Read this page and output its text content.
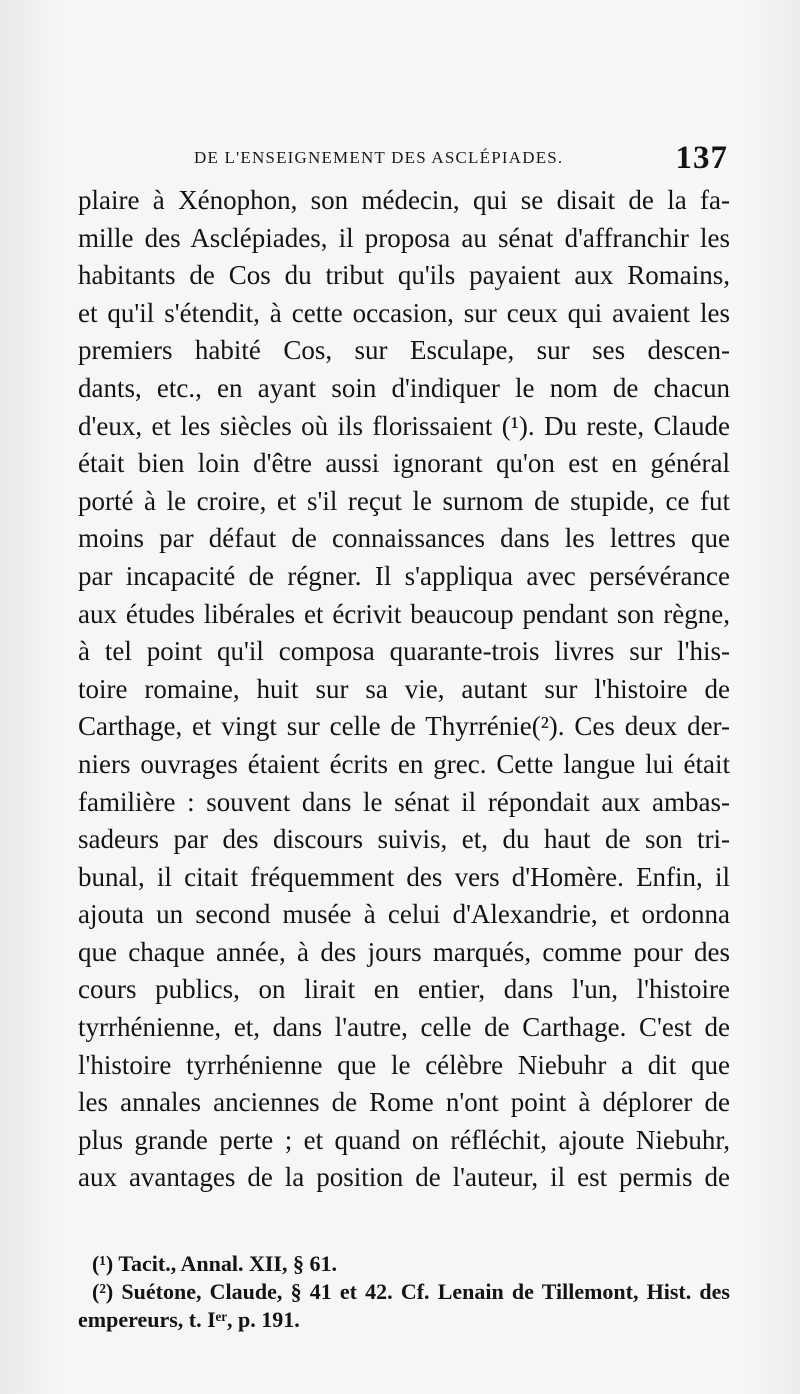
DE L'ENSEIGNEMENT DES ASCLÉPIADES.	137
plaire à Xénophon, son médecin, qui se disait de la fa-
mille des Asclépiades, il proposa au sénat d'affranchir les
habitants de Cos du tribut qu'ils payaient aux Romains,
et qu'il s'étendit, à cette occasion, sur ceux qui avaient les
premiers habité Cos, sur Esculape, sur ses descen-
dants, etc., en ayant soin d'indiquer le nom de chacun
d'eux, et les siècles où ils florissaient (¹). Du reste, Claude
était bien loin d'être aussi ignorant qu'on est en général
porté à le croire, et s'il reçut le surnom de stupide, ce fut
moins par défaut de connaissances dans les lettres que
par incapacité de régner. Il s'appliqua avec persévérance
aux études libérales et écrivit beaucoup pendant son règne,
à tel point qu'il composa quarante-trois livres sur l'his-
toire romaine, huit sur sa vie, autant sur l'histoire de
Carthage, et vingt sur celle de Thyrrénie(²). Ces deux der-
niers ouvrages étaient écrits en grec. Cette langue lui était
familière : souvent dans le sénat il répondait aux ambas-
sadeurs par des discours suivis, et, du haut de son tri-
bunal, il citait fréquemment des vers d'Homère. Enfin, il
ajouta un second musée à celui d'Alexandrie, et ordonna
que chaque année, à des jours marqués, comme pour des
cours publics, on lirait en entier, dans l'un, l'histoire
tyrrhénienne, et, dans l'autre, celle de Carthage. C'est de
l'histoire tyrrhénienne que le célèbre Niebuhr a dit que
les annales anciennes de Rome n'ont point à déplorer de
plus grande perte ; et quand on réfléchit, ajoute Niebuhr,
aux avantages de la position de l'auteur, il est permis de
(¹) Tacit., Annal. XII, § 61.
(²) Suétone, Claude, § 41 et 42. Cf. Lenain de Tillemont, Hist. des
empereurs, t. Iᵉʳ, p. 191.
